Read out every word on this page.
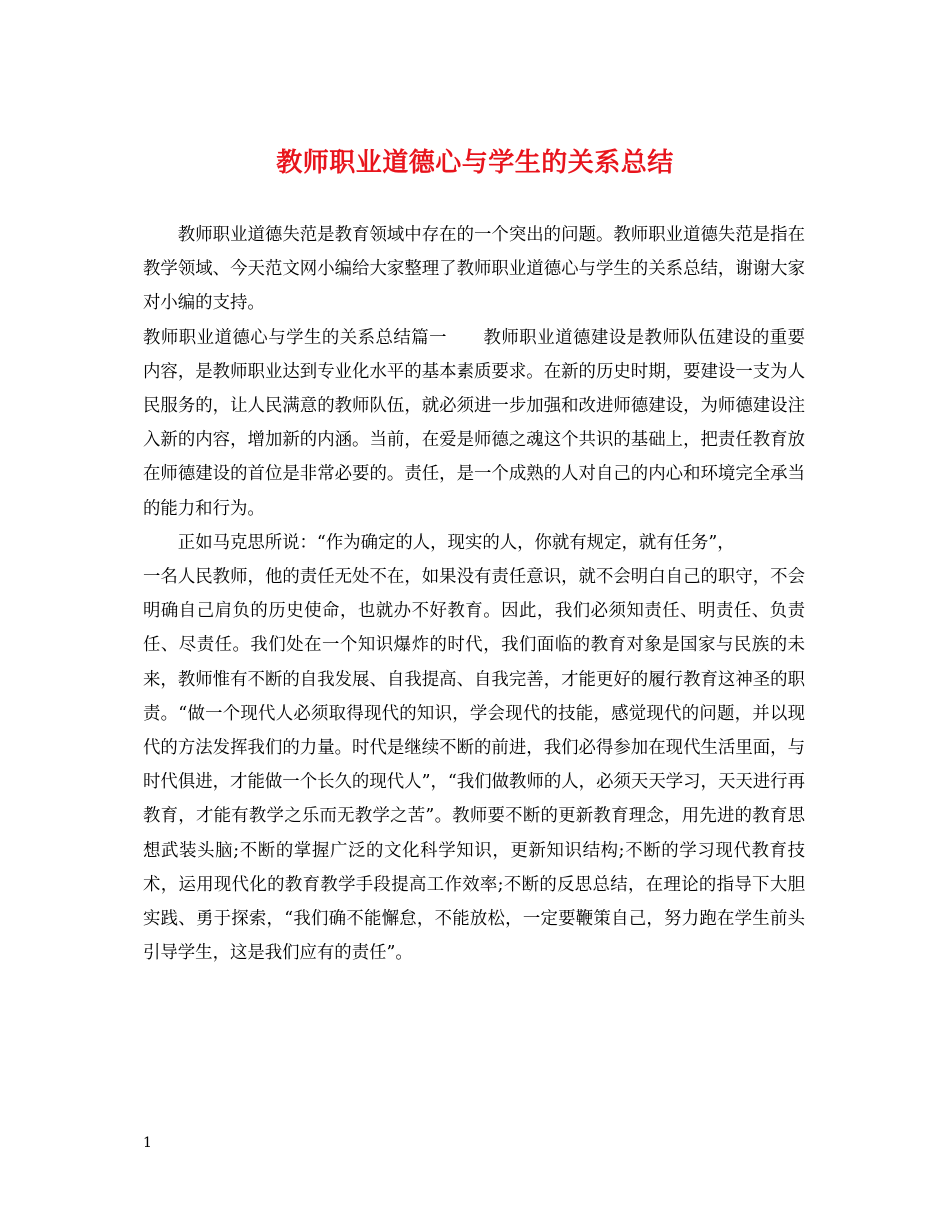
教师职业道德心与学生的关系总结

教师职业道德失范是教育领域中存在的一个突出的问题。教师职业道德失范是指在教学领域、今天范文网小编给大家整理了教师职业道德心与学生的关系总结，谢谢大家对小编的支持。

教师职业道德心与学生的关系总结篇一 教师职业道德建设是教师队伍建设的重要内容，是教师职业达到专业化水平的基本素质要求。在新的历史时期，要建设一支为人民服务的，让人民满意的教师队伍，就必须进一步加强和改进师德建设，为师德建设注入新的内容，增加新的内涵。当前，在爱是师德之魂这个共识的基础上，把责任教育放在师德建设的首位是非常必要的。责任，是一个成熟的人对自己的内心和环境完全承当的能力和行为。

正如马克思所说：“作为确定的人，现实的人，你就有规定，就有任务”，

一名人民教师，他的责任无处不在，如果没有责任意识，就不会明白自己的职守，不会明确自己肩负的历史使命，也就办不好教育。因此，我们必须知责任、明责任、负责任、尽责任。我们处在一个知识爆炸的时代，我们面临的教育对象是国家与民族的未来，教师惟有不断的自我发展、自我提高、自我完善，才能更好的履行教育这神圣的职责。“做一个现代人必须取得现代的知识，学会现代的技能，感觉现代的问题，并以现代的方法发挥我们的力量。时代是继续不断的前进，我们必得参加在现代生活里面，与时代俱进，才能做一个长久的现代人”，“我们做教师的人，必须天天学习，天天进行再教育，才能有教学之乐而无教学之苦”。教师要不断的更新教育理念，用先进的教育思想武装头脑;不断的掌握广泛的文化科学知识，更新知识结构;不断的学习现代教育技术，运用现代化的教育教学手段提高工作效率;不断的反思总结，在理论的指导下大胆实践、勇于探索，“我们确不能懈怠，不能放松，一定要鞭策自己，努力跑在学生前头引导学生，这是我们应有的责任”。

1
